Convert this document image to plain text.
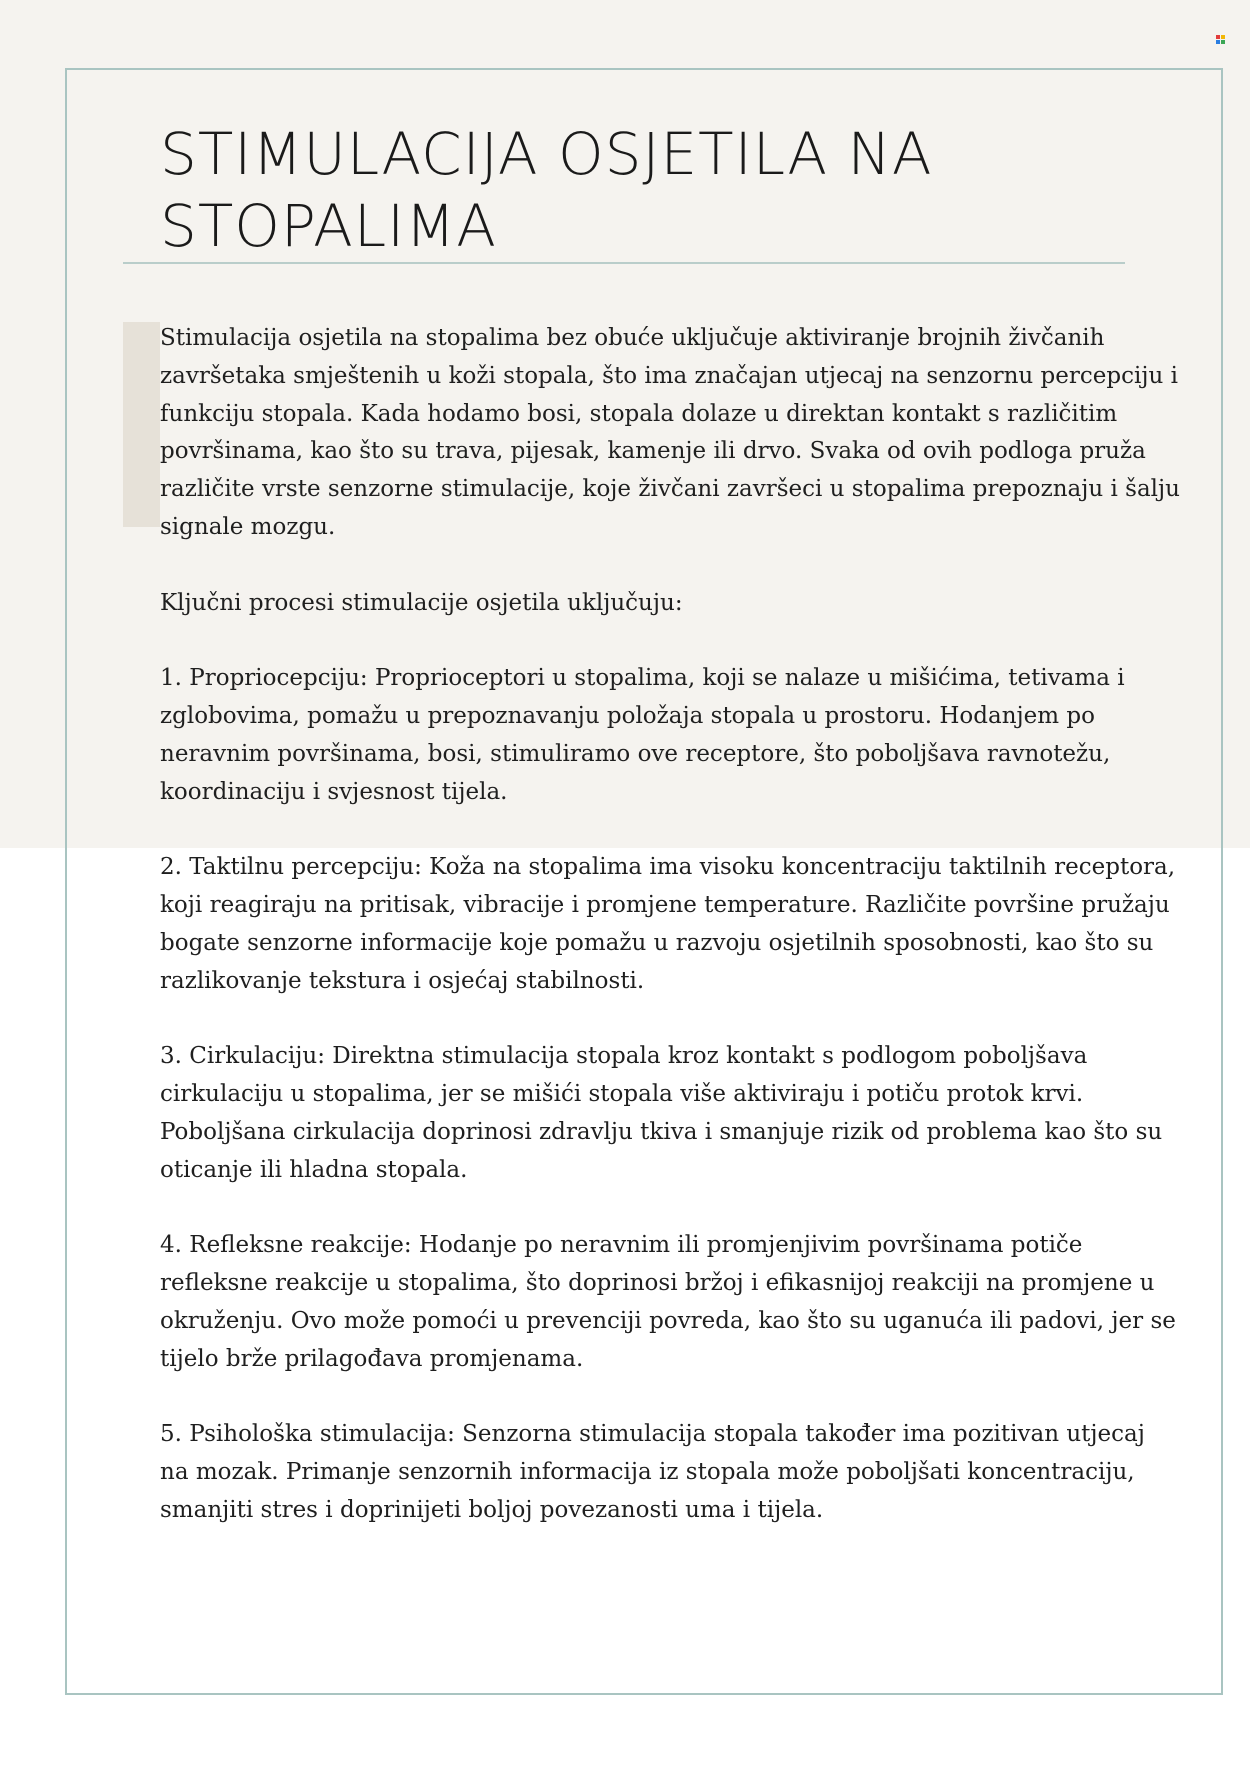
STIMULACIJA OSJETILA NA STOPALIMA

Stimulacija osjetila na stopalima bez obuće uključuje aktiviranje brojnih živčanih završetaka smještenih u koži stopala, što ima značajan utjecaj na senzornu percepciju i funkciju stopala. Kada hodamo bosi, stopala dolaze u direktan kontakt s različitim površinama, kao što su trava, pijesak, kamenje ili drvo. Svaka od ovih podloga pruža različite vrste senzorne stimulacije, koje živčani završeci u stopalima prepoznaju i šalju signale mozgu.

Ključni procesi stimulacije osjetila uključuju:

1. Propriocepciju: Proprioceptori u stopalima, koji se nalaze u mišićima, tetivama i zglobovima, pomažu u prepoznavanju položaja stopala u prostoru. Hodanjem po neravnim površinama, bosi, stimuliramo ove receptore, što poboljšava ravnotežu, koordinaciju i svjesnost tijela.

2. Taktilnu percepciju: Koža na stopalima ima visoku koncentraciju taktilnih receptora, koji reagiraju na pritisak, vibracije i promjene temperature. Različite površine pružaju bogate senzorne informacije koje pomažu u razvoju osjetilnih sposobnosti, kao što su razlikovanje tekstura i osjećaj stabilnosti.

3. Cirkulaciju: Direktna stimulacija stopala kroz kontakt s podlogom poboljšava cirkulaciju u stopalima, jer se mišići stopala više aktiviraju i potiču protok krvi. Poboljšana cirkulacija doprinosi zdravlju tkiva i smanjuje rizik od problema kao što su oticanje ili hladna stopala.

4. Refleksne reakcije: Hodanje po neravnim ili promjenjivim površinama potiče refleksne reakcije u stopalima, što doprinosi bržoj i efikasnijoj reakciji na promjene u okruženju. Ovo može pomoći u prevenciji povreda, kao što su uganuća ili padovi, jer se tijelo brže prilagođava promjenama.

5. Psihološka stimulacija: Senzorna stimulacija stopala također ima pozitivan utjecaj na mozak. Primanje senzornih informacija iz stopala može poboljšati koncentraciju, smanjiti stres i doprinijeti boljoj povezanosti uma i tijela.
